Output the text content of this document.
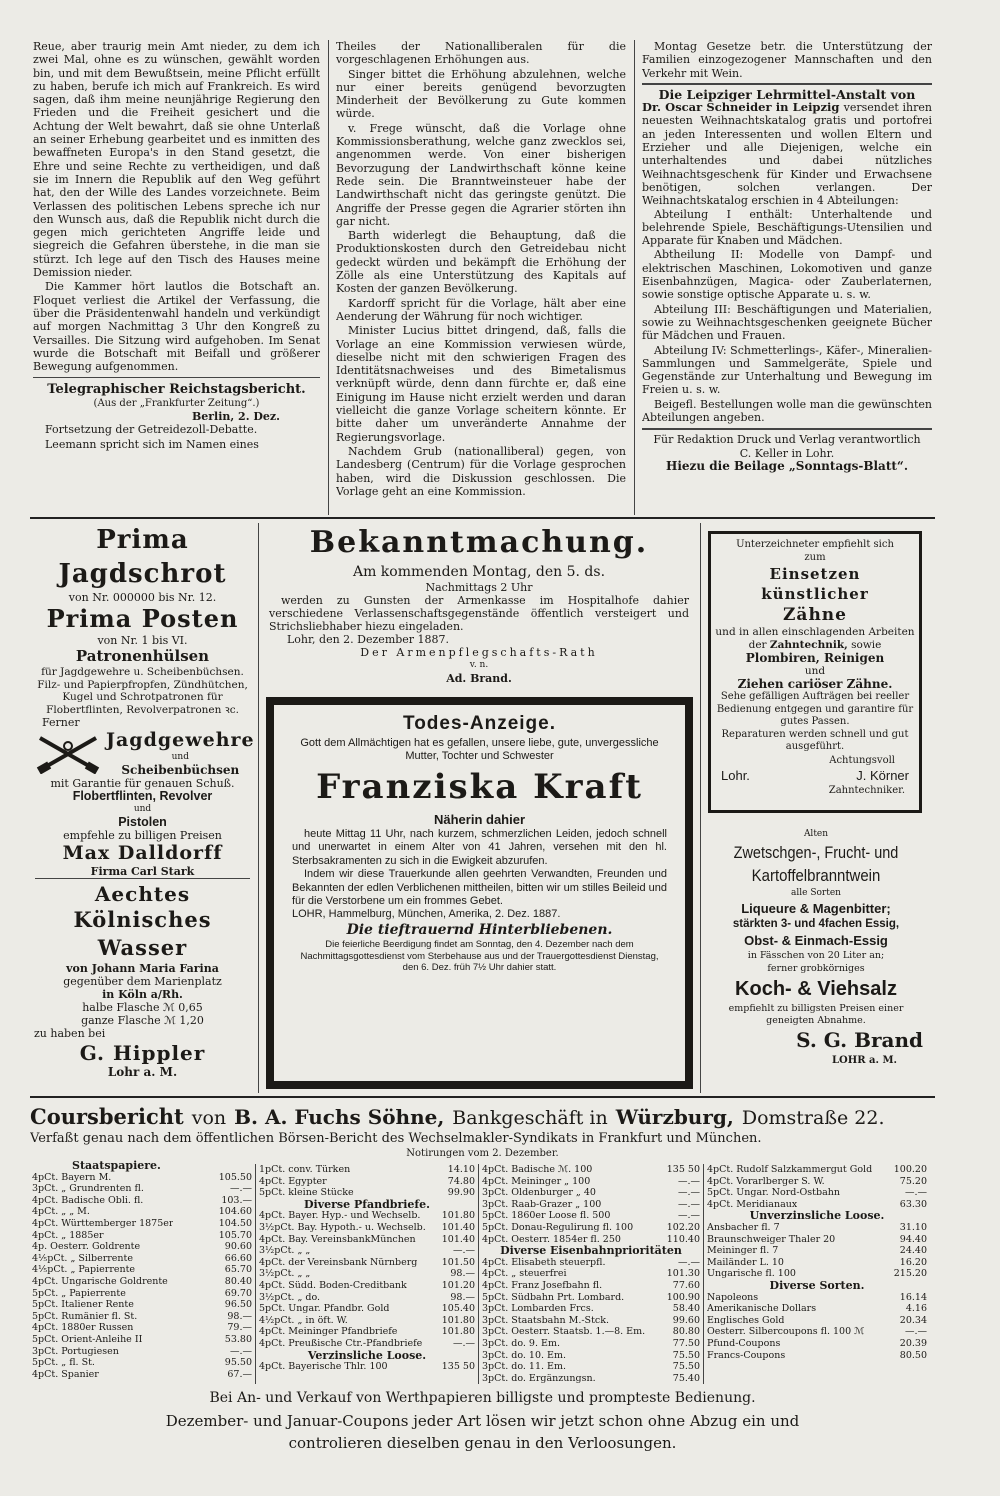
Reue, aber traurig mein Amt nieder, zu dem ich zwei Mal, ohne es zu wünschen, gewählt worden bin, und mit dem Bewußtsein, meine Pflicht erfüllt zu haben, berufe ich mich auf Frankreich. Es wird sagen, daß ihm meine neunjährige Regierung den Frieden und die Freiheit gesichert und die Achtung der Welt bewahrt, daß sie ohne Unterlaß an seiner Erhebung gearbeitet und es inmitten des bewaffneten Europa's in den Stand gesetzt, die Ehre und seine Rechte zu vertheidigen, und daß sie im Innern die Republik auf den Weg geführt hat, den der Wille des Landes vorzeichnete. Beim Verlassen des politischen Lebens spreche ich nur den Wunsch aus, daß die Republik nicht durch die gegen mich gerichteten Angriffe leide und siegreich die Gefahren überstehe, in die man sie stürzt. Ich lege auf den Tisch des Hauses meine Demission nieder.

Die Kammer hört lautlos die Botschaft an. Floquet verliest die Artikel der Verfassung, die über die Präsidentenwahl handeln und verkündigt auf morgen Nachmittag 3 Uhr den Kongreß zu Versailles. Die Sitzung wird aufgehoben. Im Senat wurde die Botschaft mit Beifall und größerer Bewegung aufgenommen.

Telegraphischer Reichstagsbericht.
(Aus der „Frankfurter Zeitung“.)
Berlin, 2. Dez.

Fortsetzung der Getreidezoll-Debatte.

Leemann spricht sich im Namen eines

Theiles der Nationalliberalen für die vorgeschlagenen Erhöhungen aus.

Singer bittet die Erhöhung abzulehnen, welche nur einer bereits genügend bevorzugten Minderheit der Bevölkerung zu Gute kommen würde.

v. Frege wünscht, daß die Vorlage ohne Kommissionsberathung, welche ganz zwecklos sei, angenommen werde. Von einer bisherigen Bevorzugung der Landwirthschaft könne keine Rede sein. Die Branntweinsteuer habe der Landwirthschaft nicht das geringste genützt. Die Angriffe der Presse gegen die Agrarier störten ihn gar nicht.

Barth widerlegt die Behauptung, daß die Produktionskosten durch den Getreidebau nicht gedeckt würden und bekämpft die Erhöhung der Zölle als eine Unterstützung des Kapitals auf Kosten der ganzen Bevölkerung.

Kardorff spricht für die Vorlage, hält aber eine Aenderung der Währung für noch wichtiger.

Minister Lucius bittet dringend, daß, falls die Vorlage an eine Kommission verwiesen würde, dieselbe nicht mit den schwierigen Fragen des Identitätsnachweises und des Bimetalismus verknüpft würde, denn dann fürchte er, daß eine Einigung im Hause nicht erzielt werden und daran vielleicht die ganze Vorlage scheitern könnte. Er bitte daher um unveränderte Annahme der Regierungsvorlage.

Nachdem Grub (nationalliberal) gegen, von Landesberg (Centrum) für die Vorlage gesprochen haben, wird die Diskussion geschlossen. Die Vorlage geht an eine Kommission.

Montag Gesetze betr. die Unterstützung der Familien einzogezogener Mannschaften und den Verkehr mit Wein.

Die Leipziger Lehrmittel-Anstalt von
Dr. Oscar Schneider in Leipzig versendet ihren neuesten Weihnachtskatalog gratis und portofrei an jeden Interessenten und wollen Eltern und Erzieher und alle Diejenigen, welche ein unterhaltendes und dabei nützliches Weihnachtsgeschenk für Kinder und Erwachsene benötigen, solchen verlangen. Der Weihnachtskatalog erschien in 4 Abteilungen:

Abteilung I enthält: Unterhaltende und belehrende Spiele, Beschäftigungs-Utensilien und Apparate für Knaben und Mädchen.

Abtheilung II: Modelle von Dampf- und elektrischen Maschinen, Lokomotiven und ganze Eisenbahnzügen, Magica- oder Zauberlaternen, sowie sonstige optische Apparate u. s. w.

Abteilung III: Beschäftigungen und Materialien, sowie zu Weihnachtsgeschenken geeignete Bücher für Mädchen und Frauen.

Abteilung IV: Schmetterlings-, Käfer-, Mineralien-Sammlungen und Sammelgeräte, Spiele und Gegenstände zur Unterhaltung und Bewegung im Freien u. s. w.

Beigefl. Bestellungen wolle man die gewünschten Abteilungen angeben.

Für Redaktion Druck und Verlag verantwortlich
C. Keller in Lohr.
Hiezu die Beilage „Sonntags-Blatt“.
Prima Jagdschrot
von Nr. 000000 bis Nr. 12.
Prima Posten
von Nr. 1 bis VI.
Patronenhülsen
für Jagdgewehre u. Scheibenbüchsen. Filz- und Papierpfropfen, Zündhütchen, Kugel und Schrotpatronen für Flobertflinten, Revolverpatronen ꝛc.
Ferner
Jagdgewehre
und
Scheibenbüchsen
mit Garantie für genauen Schuß.
Flobertflinten, Revolver
und
Pistolen
empfehle zu billigen Preisen
Max Dalldorff
Firma Carl Stark
Aechtes
Kölnisches Wasser
von Johann Maria Farina
gegenüber dem Marienplatz
in Köln a/Rh.
halbe Flasche ℳ 0,65
ganze Flasche ℳ 1,20
zu haben bei
G. Hippler
Lohr a. M.
Bekanntmachung.
Am kommenden Montag, den 5. ds.
Nachmittags 2 Uhr
werden zu Gunsten der Armenkasse im Hospitalhofe dahier verschiedene Verlassenschaftsgegenstände öffentlich versteigert und Strichsliebhaber hiezu eingeladen.
Lohr, den 2. Dezember 1887.
Der Armenpflegschafts-Rath
v. n.
Ad. Brand.
Todes-Anzeige.
Gott dem Allmächtigen hat es gefallen, unsere liebe, gute, unvergessliche Mutter, Tochter und Schwester
Franziska Kraft
Näherin dahier
heute Mittag 11 Uhr, nach kurzem, schmerzlichen Leiden, jedoch schnell und unerwartet in einem Alter von 41 Jahren, versehen mit den hl. Sterbsakramenten zu sich in die Ewigkeit abzurufen.
Indem wir diese Trauerkunde allen geehrten Verwandten, Freunden und Bekannten der edlen Verblichenen mittheilen, bitten wir um stilles Beileid und für die Verstorbene um ein frommes Gebet.
LOHR, Hammelburg, München, Amerika, 2. Dez. 1887.
Die tieftrauernd Hinterbliebenen.
Die feierliche Beerdigung findet am Sonntag, den 4. Dezember nach dem Nachmittagsgottesdienst vom Sterbehause aus und der Trauergottesdienst Dienstag, den 6. Dez. früh 7½ Uhr dahier statt.
Unterzeichneter empfiehlt sich
zum
Einsetzen künstlicher
Zähne
und in allen einschlagenden Arbeiten der Zahntechnik, sowie
Plombiren, Reinigen
und
Ziehen cariöser Zähne.
Sehe gefälligen Aufträgen bei reeller Bedienung entgegen und garantire für gutes Passen.
Reparaturen werden schnell und gut ausgeführt.
Achtungsvoll
Lohr.	J. Körner
Zahntechniker.
Alten
Zwetschgen-, Frucht- und
Kartoffelbranntwein
alle Sorten
Liqueure & Magenbitter;
stärkten 3- und 4fachen Essig,
Obst- & Einmach-Essig
in Fässchen von 20 Liter an;
ferner grobkörniges
Koch- & Viehsalz
empfiehlt zu billigsten Preisen einer geneigten Abnahme.
S. G. Brand
LOHR a. M.
Coursbericht von B. A. Fuchs Söhne, Bankgeschäft in Würzburg, Domstraße 22.
Verfaßt genau nach dem öffentlichen Börsen-Bericht des Wechselmakler-Syndikats in Frankfurt und München.
Notirungen vom 2. Dezember.
Staatspapiere.
4pCt. Bayern M.	105.50
3pCt. „ Grundrenten fl.	—.—
4pCt. Badische Obli. fl.	103.—
4pCt. „ „ M.	104.60
4pCt. Württemberger 1875er	104.50
4pCt. „ 1885er	105.70
4p. Oesterr. Goldrente	90.60
4⅕pCt. „ Silberrente	66.60
4⅕pCt. „ Papierrente	65.70
4pCt. Ungarische Goldrente	80.40
5pCt. „ Papierrente	69.70
5pCt. Italiener Rente	96.50
5pCt. Rumänier fl. St.	98.—
4pCt. 1880er Russen	79.—
5pCt. Orient-Anleihe II	53.80
3pCt. Portugiesen	—.—
5pCt. „ fl. St.	95.50
4pCt. Spanier	67.—
1pCt. conv. Türken	14.10
4pCt. Egypter	74.80
5pCt. kleine Stücke	99.90
Diverse Pfandbriefe.
4pCt. Bayer. Hyp.- und Wechselb. 101.80
3½pCt. Bay. Hypoth.- u. Wechselb. 101.40
4pCt. Bay. VereinsbankMünchen	101.40
3½pCt. „ „	—.—
4pCt. der Vereinsbank Nürnberg	101.50
3½pCt. „ „	98.—
4pCt. Südd. Boden-Creditbank	101.20
3½pCt. „ do.	98.—
5pCt. Ungar. Pfandbr. Gold	105.40
4½pCt. „ in öft. W.	101.80
4pCt. Meininger Pfandbriefe	101.80
4pCt. Preußische Ctr.-Pfandbriefe	—.—
Verzinsliche Loose.
4pCt. Bayerische Thlr. 100	135 50
4pCt. Badische ℳ. 100	135 50
4pCt. Meininger „ 100	—.—
3pCt. Oldenburger „ 40	—.—
3pCt. Raab-Grazer „ 100	—.—
5pCt. 1860er Loose fl. 500	—.—
5pCt. Donau-Regulirung fl. 100	102.20
4pCt. Oesterr. 1854er fl. 250	110.40
Diverse Eisenbahnprioritäten
4pCt. Elisabeth steuerpfl.	—.—
4pCt. „ steuerfrei	101.30
4pCt. Franz Josefbahn fl.	77.60
5pCt. Südbahn Prt. Lombard.	100.90
3pCt. Lombarden Frcs.	58.40
3pCt. Staatsbahn M.-Stck.	99.60
3pCt. Oesterr. Staatsb. 1.—8. Em.	80.80
3pCt. do. 9. Em.	77.50
3pCt. do. 10. Em.	75.50
3pCt. do. 11. Em.	75.50
3pCt. do. Ergänzungsn.	75.40
4pCt. Rudolf Salzkammergut Gold 100.20
4pCt. Vorarlberger S. W.	75.20
5pCt. Ungar. Nord-Ostbahn	—.—
4pCt. Meridianaux	63.30
Unverzinsliche Loose.
Ansbacher fl. 7	31.10
Braunschweiger Thaler 20	94.40
Meininger fl. 7	24.40
Mailänder L. 10	16.20
Ungarische fl. 100	215.20
Diverse Sorten.
Napoleons	16.14
Amerikanische Dollars	4.16
Englisches Gold	20.34
Oesterr. Silbercoupons fl. 100 ℳ	—.—
Pfund-Coupons	20.39
Francs-Coupons	80.50
Bei An- und Verkauf von Werthpapieren billigste und prompteste Bedienung.
Dezember- und Januar-Coupons jeder Art lösen wir jetzt schon ohne Abzug ein und
controlieren dieselben genau in den Verloosungen.
